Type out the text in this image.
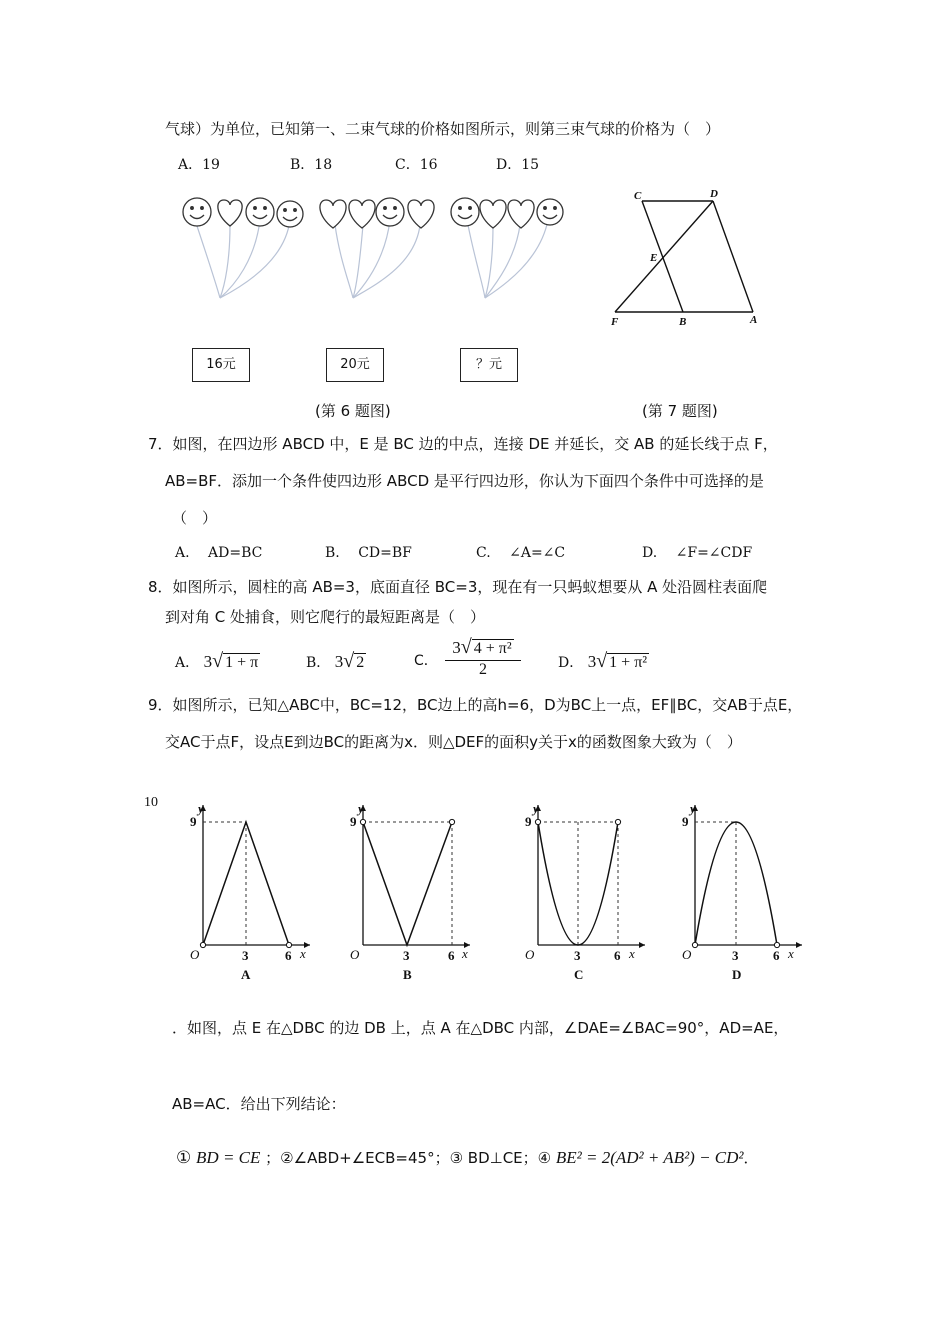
气球）为单位，已知第一、二束气球的价格如图所示，则第三束气球的价格为（　）
A．19	B．18	C．16	D．15
16元	20元	？元
(第 6 题图)	(第 7 题图)
C	D
E
F	B	A
7．如图，在四边形 ABCD 中，E 是 BC 边的中点，连接 DE 并延长，交 AB 的延长线于点 F，
AB=BF．添加一个条件使四边形 ABCD 是平行四边形，你认为下面四个条件中可选择的是
（　）
A.　 AD=BC	B.　 CD=BF	C.　 ∠A=∠C	D.　 ∠F=∠CDF
8．如图所示，圆柱的高 AB=3，底面直径 BC=3，现在有一只蚂蚁想要从 A 处沿圆柱表面爬
到对角 C 处捕食，则它爬行的最短距离是（　）
A． 3√ 1 + π	B． 3√ 2	C．
3√ 4 + π²
2	D． 3√ 1 + π²
9．如图所示，已知△ABC中，BC=12，BC边上的高h=6，D为BC上一点，EF∥BC，交AB于点E，
交AC于点F，设点E到边BC的距离为x．则△DEF的面积y关于x的函数图象大致为（　）
10	y
9
O	3	6 x
A
y
9
O	3	6 x
B
y
9
O	3	6 x
C
y
9
O	3	6 x
D
．如图，点 E 在△DBC 的边 DB 上，点 A 在△DBC 内部，∠DAE=∠BAC=90°，AD=AE，
AB=AC．给出下列结论：
① BD = CE ；②∠ABD+∠ECB=45°；③ BD⊥CE；④ BE² = 2(AD² + AB²) − CD²．
